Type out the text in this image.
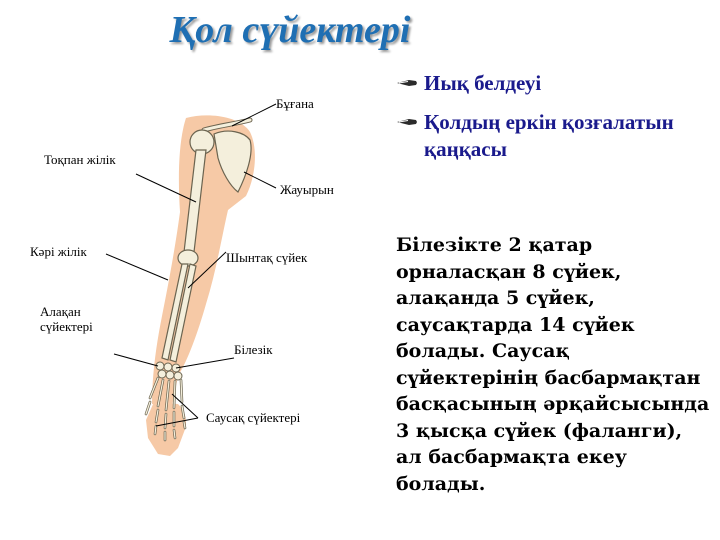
Қол сүйектері
Бұғана
Тоқпан жілік
Жауырын
Кәрі жілік	Шынтақ сүйек
Алақан сүйектері
Білезік
Саусақ сүйектері
Иық белдеуі
Қолдың еркін қозғалатын қаңқасы
Білезікте 2 қатар орналасқан 8 сүйек, алақанда 5 сүйек, саусақтарда 14 сүйек болады. Саусақ сүйектерінің басбармақтан басқасының әрқайсысында 3 қысқа сүйек (фаланги), ал басбармақта екеу болады.
